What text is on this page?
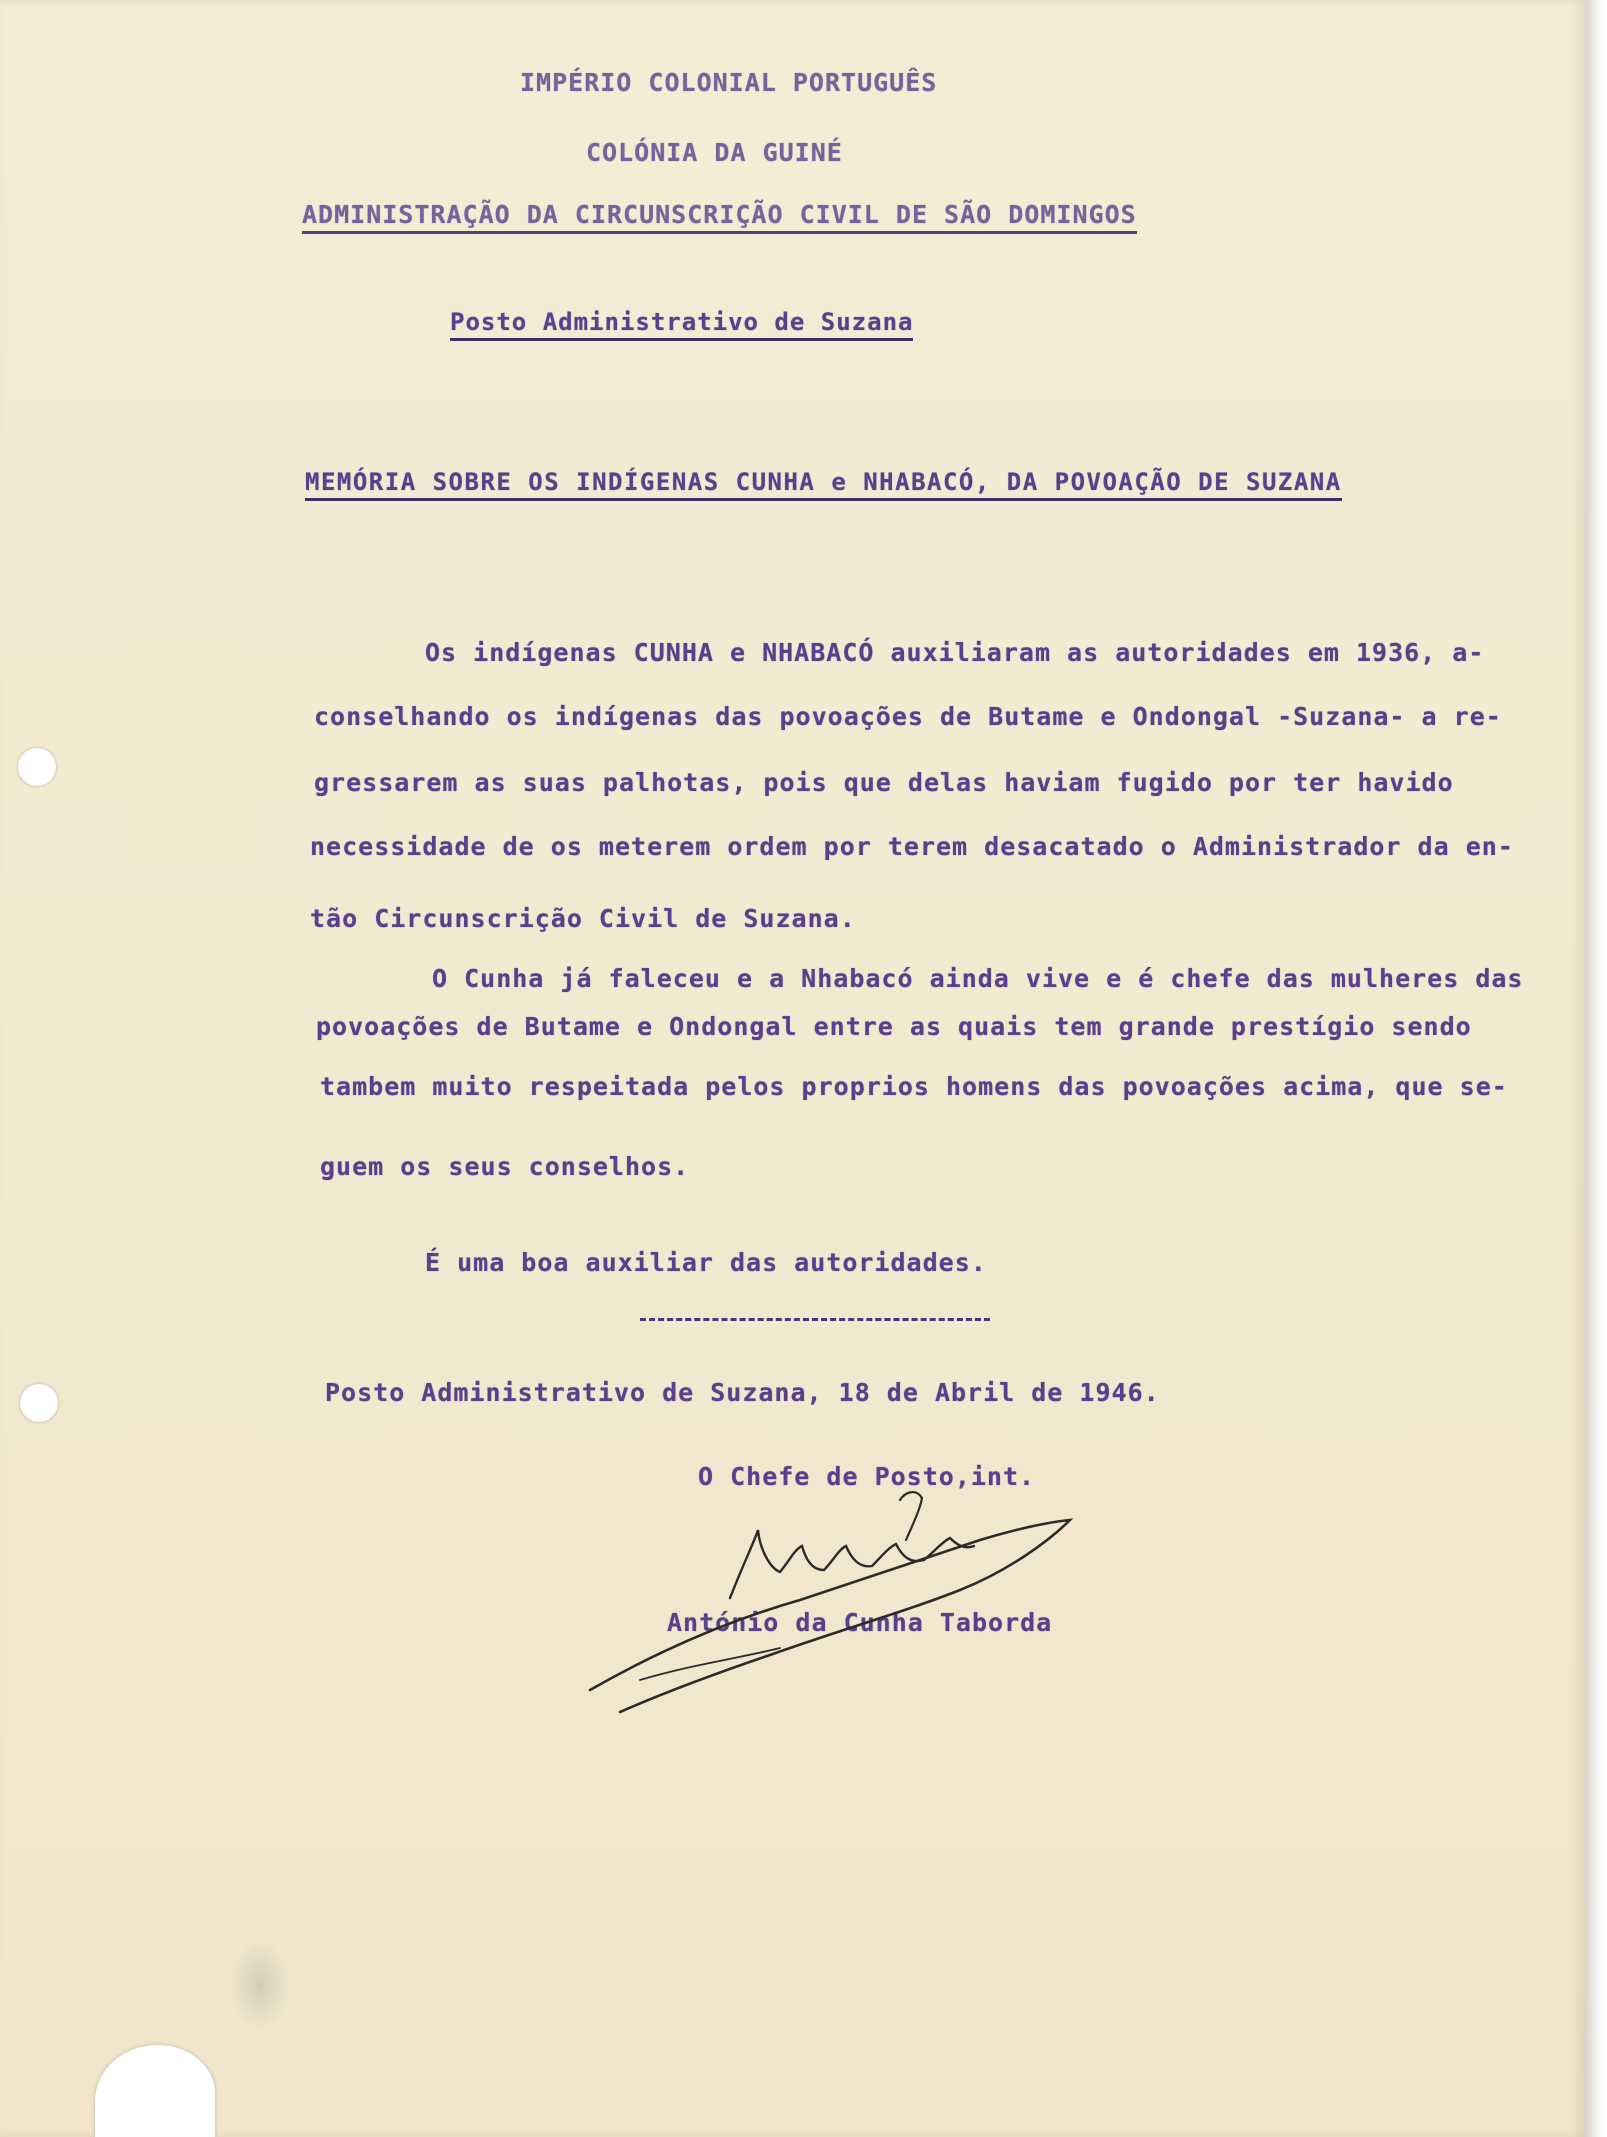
IMPÉRIO COLONIAL PORTUGUÊS

COLÓNIA DA GUINÉ

ADMINISTRAÇÃO DA CIRCUNSCRIÇÃO CIVIL DE SÃO DOMINGOS

Posto Administrativo de Suzana

MEMÓRIA SOBRE OS INDÍGENAS CUNHA e NHABACÓ, DA POVOAÇÃO DE SUZANA

Os indígenas CUNHA e NHABACÓ auxiliaram as autoridades em 1936, a-

conselhando os indígenas das povoações de Butame e Ondongal -Suzana- a re-

gressarem as suas palhotas, pois que delas haviam fugido por ter havido

necessidade de os meterem ordem por terem desacatado o Administrador da en-

tão Circunscrição Civil de Suzana.

O Cunha já faleceu e a Nhabacó ainda vive e é chefe das mulheres das

povoações de Butame e Ondongal entre as quais tem grande prestígio sendo

tambem muito respeitada pelos proprios homens das povoações acima, que se-

guem os seus conselhos.

É uma boa auxiliar das autoridades.

Posto Administrativo de Suzana, 18 de Abril de 1946.

O Chefe de Posto,int.

António da Cunha Taborda
